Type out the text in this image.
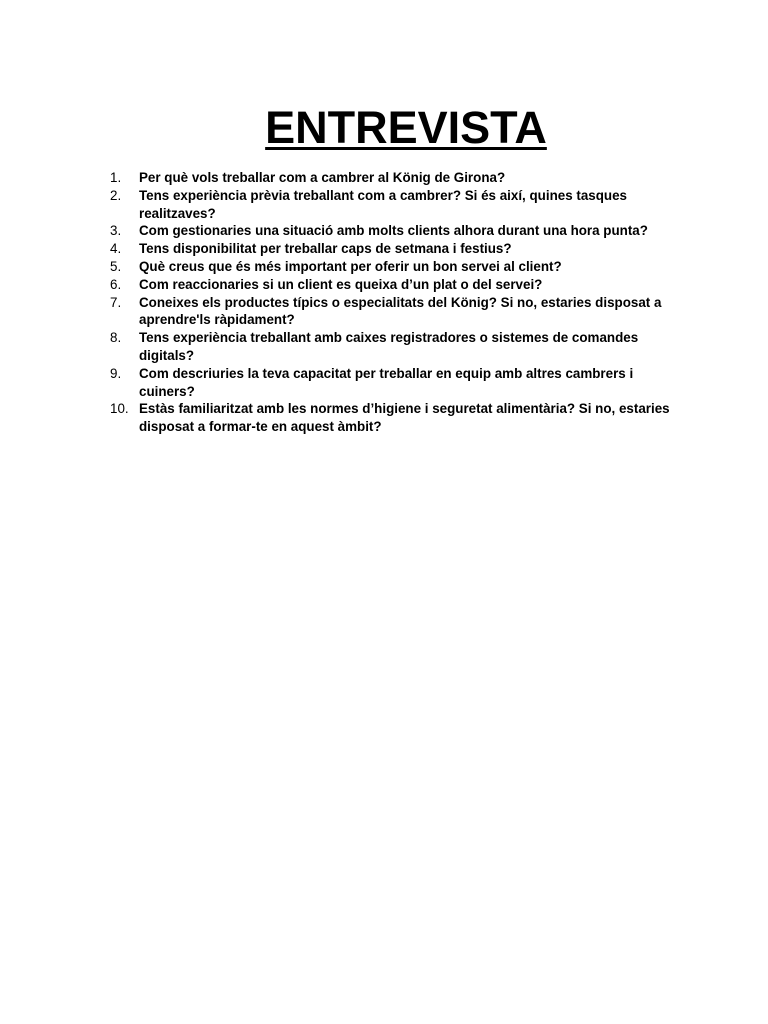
ENTREVISTA
1.	Per què vols treballar com a cambrer al König de Girona?
2.	Tens experiència prèvia treballant com a cambrer? Si és així, quines tasques realitzaves?
3.	Com gestionaries una situació amb molts clients alhora durant una hora punta?
4.	Tens disponibilitat per treballar caps de setmana i festius?
5.	Què creus que és més important per oferir un bon servei al client?
6.	Com reaccionaries si un client es queixa d’un plat o del servei?
7.	Coneixes els productes típics o especialitats del König? Si no, estaries disposat a aprendre'ls ràpidament?
8.	Tens experiència treballant amb caixes registradores o sistemes de comandes digitals?
9.	Com descriuries la teva capacitat per treballar en equip amb altres cambrers i cuiners?
10. Estàs familiaritzat amb les normes d’higiene i seguretat alimentària? Si no, estaries disposat a formar-te en aquest àmbit?
